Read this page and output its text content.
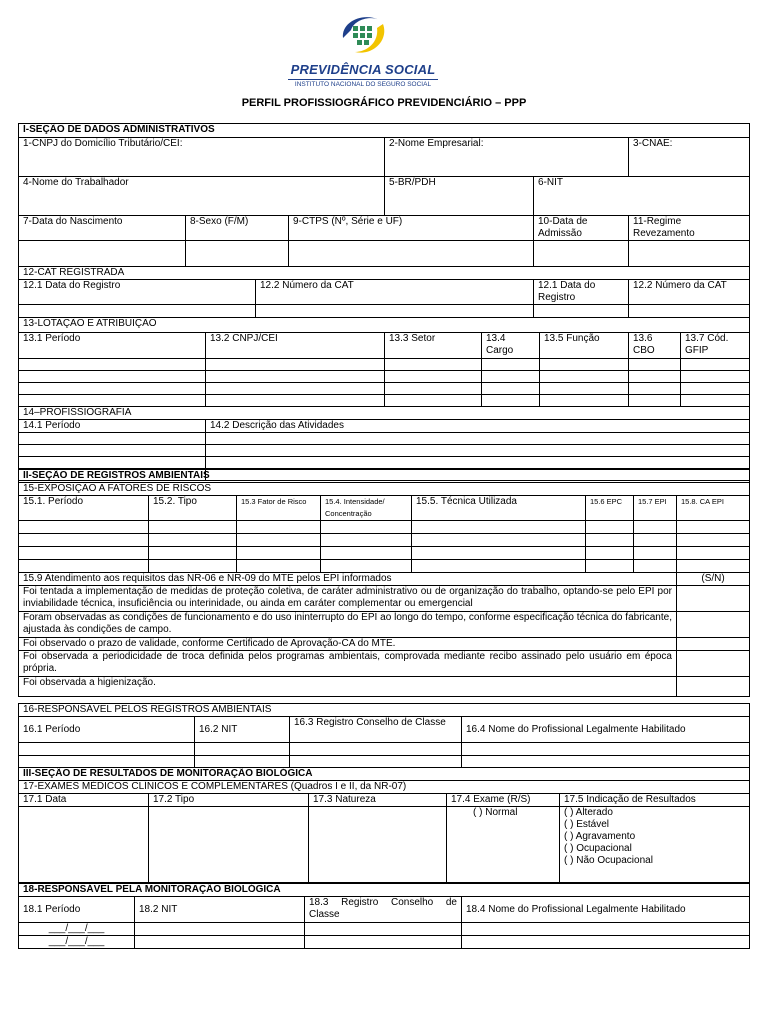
PREVIDÊNCIA SOCIAL
INSTITUTO NACIONAL DO SEGURO SOCIAL
PERFIL PROFISSIOGRÁFICO PREVIDENCIÁRIO – PPP
I-SEÇÃO DE DADOS ADMINISTRATIVOS										
1-CNPJ do Domicílio Tributário/CEI:					2-Nome Empresarial:				3-CNAE:	
4-Nome do Trabalhador					5-BR/PDH		6-NIT			
7-Data do Nascimento	8-Sexo (F/M)			9-CTPS (Nº, Série e UF)			10-Data de Admissão		11-Regime Revezamento	

12-CAT REGISTRADA										
12.1 Data do Registro			12.2 Número da CAT				12.1 Data do Registro		12.2 Número da CAT	

13-LOTAÇÃO E ATRIBUIÇÃO										
13.1 Período		13.2 CNPJ/CEI			13.3 Setor	13.4 Cargo		13.5 Função	13.6 CBO	13.7 Cód. GFIP

14–PROFISSIOGRAFIA										
14.1 Período		14.2 Descrição das Atividades								

II-SEÇÃO DE REGISTROS AMBIENTAIS							
15-EXPOSIÇÃO A FATORES DE RISCOS							
15.1. Período	15.2. Tipo	15.3 Fator de Risco	15.4. Intensidade/ Concentração	15.5. Técnica Utilizada	15.6 EPC	15.7 EPI	15.8. CA EPI

15.9 Atendimento aos requisitos das NR-06 e NR-09 do MTE pelos EPI informados							(S/N)
Foi tentada a implementação de medidas de proteção coletiva, de caráter administrativo ou de organização do trabalho, optando-se pelo EPI por inviabilidade técnica, insuficiência ou interinidade, ou ainda em caráter complementar ou emergencial							
Foram observadas as condições de funcionamento e do uso ininterrupto do EPI ao longo do tempo, conforme especificação técnica do fabricante, ajustada às condições de campo.							
Foi observado o prazo de validade, conforme Certificado de Aprovação-CA do MTE.							
Foi observada a periodicidade de troca definida pelos programas ambientais, comprovada mediante recibo assinado pelo usuário em época própria.							
Foi observada a higienização.							
16-RESPONSÁVEL PELOS REGISTROS AMBIENTAIS			
16.1 Período	16.2 NIT	16.3 Registro Conselho de Classe	16.4 Nome do Profissional Legalmente Habilitado

III-SEÇÃO DE RESULTADOS DE MONITORAÇÃO BIOLÓGICA				
17-EXAMES MÉDICOS CLÍNICOS E COMPLEMENTARES (Quadros I e II, da NR-07)				
17.1 Data	17.2 Tipo	17.3 Natureza	17.4 Exame (R/S)	17.5 Indicação de Resultados

			( ) Normal	( ) Alterado
( ) Estável
( ) Agravamento
( ) Ocupacional
( ) Não Ocupacional
18-RESPONSÁVEL PELA MONITORAÇÃO BIOLÓGICA			
18.1 Período	18.2 NIT	18.3 Registro Conselho de Classe	18.4 Nome do Profissional Legalmente Habilitado
___/___/___			
___/___/___			
